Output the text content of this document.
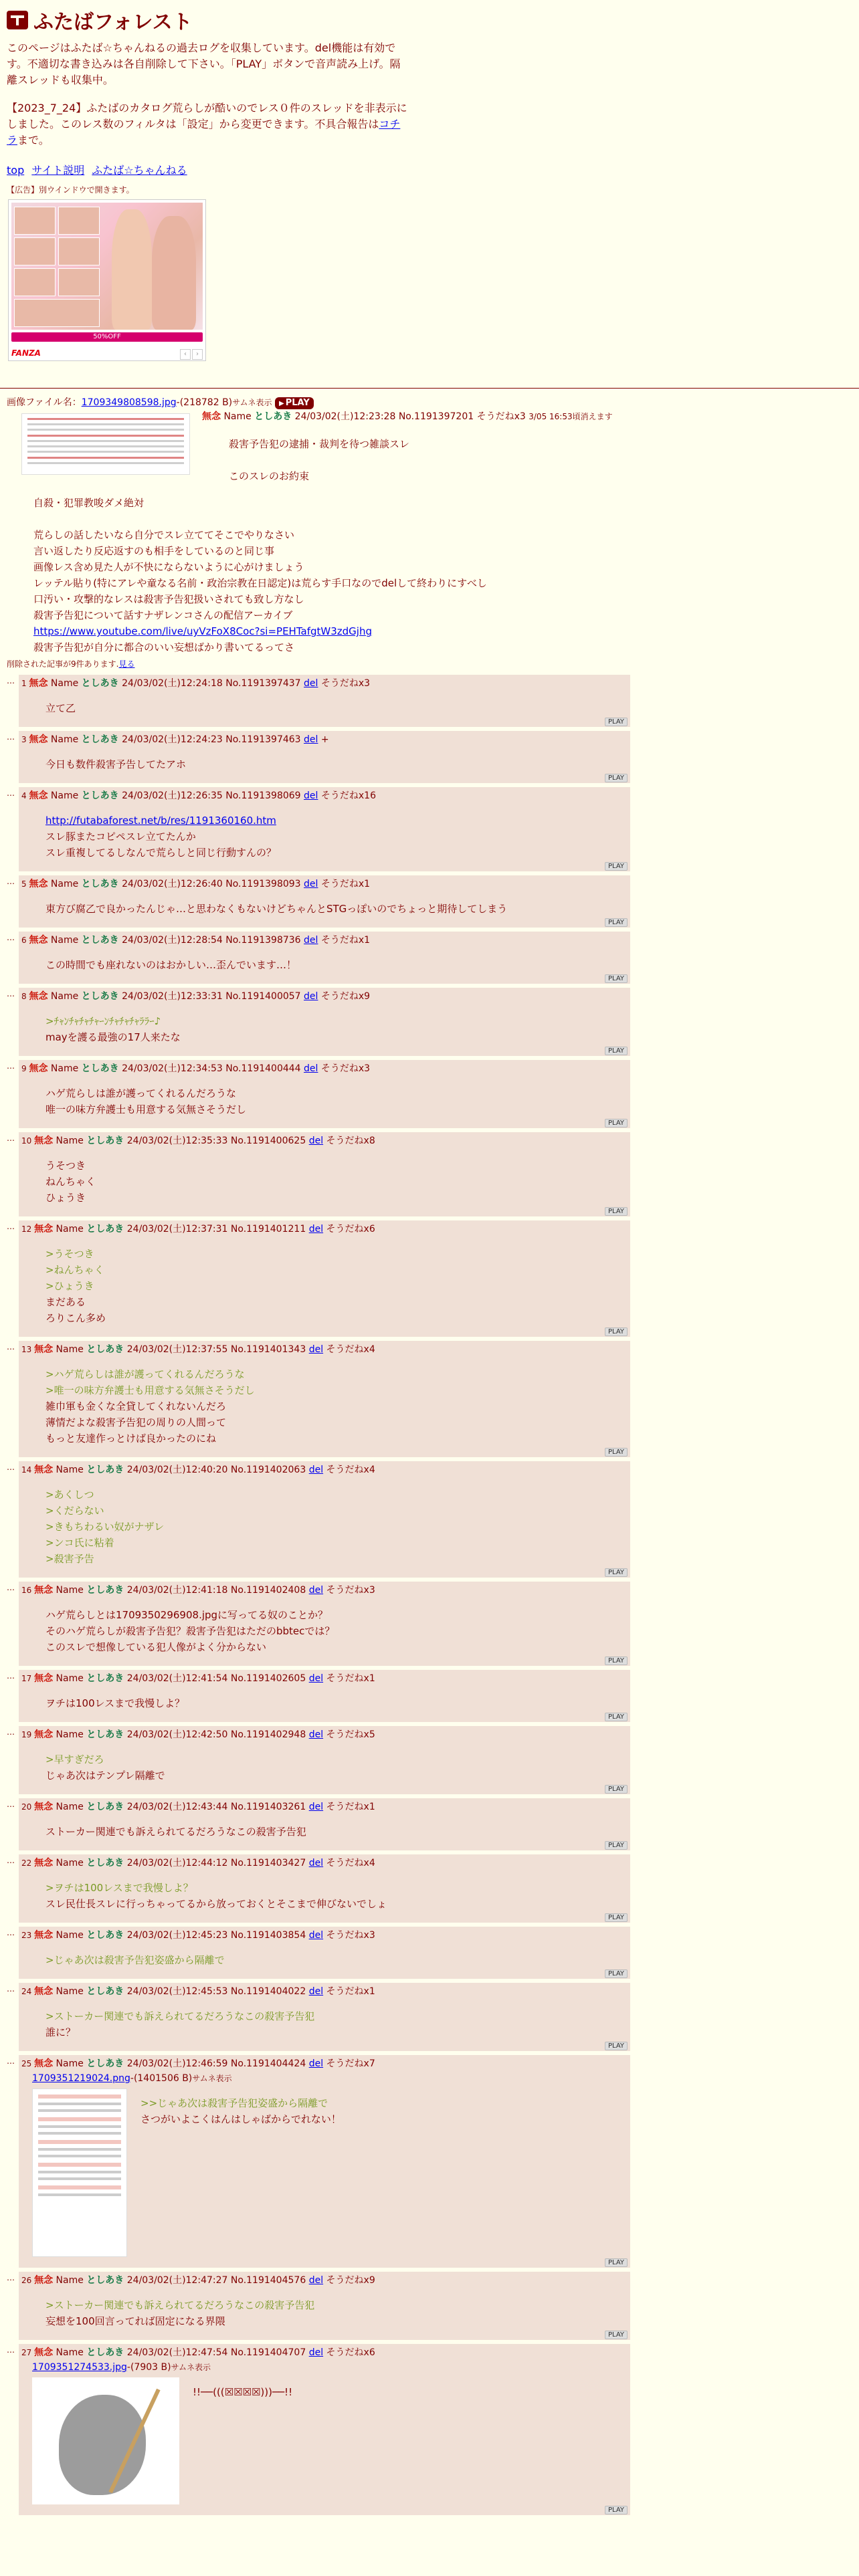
ふたばフォレスト

このページはふたば☆ちゃんねるの過去ログを収集しています。del機能は有効です。不適切な書き込みは各自削除して下さい。「PLAY」ボタンで音声読み上げ。隔離スレッドも収集中。

【2023_7_24】ふたばのカタログ荒らしが酷いのでレス０件のスレッドを非表示にしました。このレス数のフィルタは「設定」から変更できます。不具合報告はコチラまで。

top サイト説明 ふたば☆ちゃんねる
【広告】別ウインドウで開きます。
50%OFF
FANZA	‹ ›
画像ファイル名：1709349808598.jpg-(218782 B)サムネ表示 ▶ PLAY
無念 Name としあき 24/03/02(土)12:23:28 No.1191397201 そうだねx3 3/05 16:53頃消えます
殺害予告犯の逮捕・裁判を待つ雑談スレ
このスレのお約束
自殺・犯罪教唆ダメ絶対
荒らしの話したいなら自分でスレ立ててそこでやりなさい
言い返したり反応返すのも相手をしているのと同じ事
画像レス含め見た人が不快にならないように心がけましょう
レッテル貼り(特にアレや童なる名前・政治宗教在日認定)は荒らす手口なのでdelして終わりにすべし
口汚い・攻撃的なレスは殺害予告犯扱いされても致し方なし
殺害予告犯について話すナザレンコさんの配信アーカイブ
https://www.youtube.com/live/uyVzFoX8Coc?si=PEHTafgtW3zdGjhg
殺害予告犯が自分に都合のいい妄想ばかり書いてるってさ
削除された記事が9件あります.見る
… 1 無念 Name としあき 24/03/02(土)12:24:18 No.1191397437 del そうだねx3
立て乙
PLAY
… 3 無念 Name としあき 24/03/02(土)12:24:23 No.1191397463 del +
今日も数件殺害予告してたアホ
PLAY
… 4 無念 Name としあき 24/03/02(土)12:26:35 No.1191398069 del そうだねx16
http://futabaforest.net/b/res/1191360160.htm
スレ豚またコピペスレ立てたんか
スレ重複してるしなんで荒らしと同じ行動すんの？
PLAY
… 5 無念 Name としあき 24/03/02(土)12:26:40 No.1191398093 del そうだねx1
東方び腐乙で良かったんじゃ…と思わなくもないけどちゃんとSTGっぽいのでちょっと期待してしまう
PLAY
… 6 無念 Name としあき 24/03/02(土)12:28:54 No.1191398736 del そうだねx1
この時間でも座れないのはおかしい…歪んでいます…！
PLAY
… 8 無念 Name としあき 24/03/02(土)12:33:31 No.1191400057 del そうだねx9
>ﾁｬﾝﾁｬﾁｬﾁｬｰﾝﾁｬﾁｬﾁｬﾗﾗｰ♪
mayを護る最強の17人来たな
PLAY
… 9 無念 Name としあき 24/03/02(土)12:34:53 No.1191400444 del そうだねx3
ハゲ荒らしは誰が護ってくれるんだろうな
唯一の味方弁護士も用意する気無さそうだし
PLAY
… 10 無念 Name としあき 24/03/02(土)12:35:33 No.1191400625 del そうだねx8
うそつき
ねんちゃく
ひょうき
PLAY
… 12 無念 Name としあき 24/03/02(土)12:37:31 No.1191401211 del そうだねx6
>うそつき
>ねんちゃく
>ひょうき
まだある
ろりこん多め
PLAY
… 13 無念 Name としあき 24/03/02(土)12:37:55 No.1191401343 del そうだねx4
>ハゲ荒らしは誰が護ってくれるんだろうな
>唯一の味方弁護士も用意する気無さそうだし
雑巾軍も金くな全貸してくれないんだろ
薄情だよな殺害予告犯の周りの人間って
もっと友達作っとけば良かったのにね
PLAY
… 14 無念 Name としあき 24/03/02(土)12:40:20 No.1191402063 del そうだねx4
>あくしつ
>くだらない
>きもちわるい奴がナザレ
>ンコ氏に粘着
>殺害予告
PLAY
… 16 無念 Name としあき 24/03/02(土)12:41:18 No.1191402408 del そうだねx3
ハゲ荒らしとは1709350296908.jpgに写ってる奴のことか？
そのハゲ荒らしが殺害予告犯？殺害予告犯はただのbbtecでは？
このスレで想像している犯人像がよく分からない
PLAY
… 17 無念 Name としあき 24/03/02(土)12:41:54 No.1191402605 del そうだねx1
ヲチは100レスまで我慢しよ？
PLAY
… 19 無念 Name としあき 24/03/02(土)12:42:50 No.1191402948 del そうだねx5
>早すぎだろ
じゃあ次はテンプレ隔離で
PLAY
… 20 無念 Name としあき 24/03/02(土)12:43:44 No.1191403261 del そうだねx1
ストーカー関連でも訴えられてるだろうなこの殺害予告犯
PLAY
… 22 無念 Name としあき 24/03/02(土)12:44:12 No.1191403427 del そうだねx4
>ヲチは100レスまで我慢しよ？
スレ民仕長スレに行っちゃってるから放っておくとそこまで伸びないでしょ
PLAY
… 23 無念 Name としあき 24/03/02(土)12:45:23 No.1191403854 del そうだねx3
>じゃあ次は殺害予告犯姿盛から隔離で
PLAY
… 24 無念 Name としあき 24/03/02(土)12:45:53 No.1191404022 del そうだねx1
>ストーカー関連でも訴えられてるだろうなこの殺害予告犯
誰に？
PLAY
… 25 無念 Name としあき 24/03/02(土)12:46:59 No.1191404424 del そうだねx7
1709351219024.png-(1401506 B)サムネ表示
>>じゃあ次は殺害予告犯姿盛から隔離で
さつがいよこくはんはしゃばからでれない！
PLAY
… 26 無念 Name としあき 24/03/02(土)12:47:27 No.1191404576 del そうだねx9
>ストーカー関連でも訴えられてるだろうなこの殺害予告犯
妄想を100回言ってれば固定になる界隈
PLAY
… 27 無念 Name としあき 24/03/02(土)12:47:54 No.1191404707 del そうだねx6
1709351274533.jpg-(7903 B)サムネ表示
!!──(((☒☒☒☒)))──!!
PLAY
